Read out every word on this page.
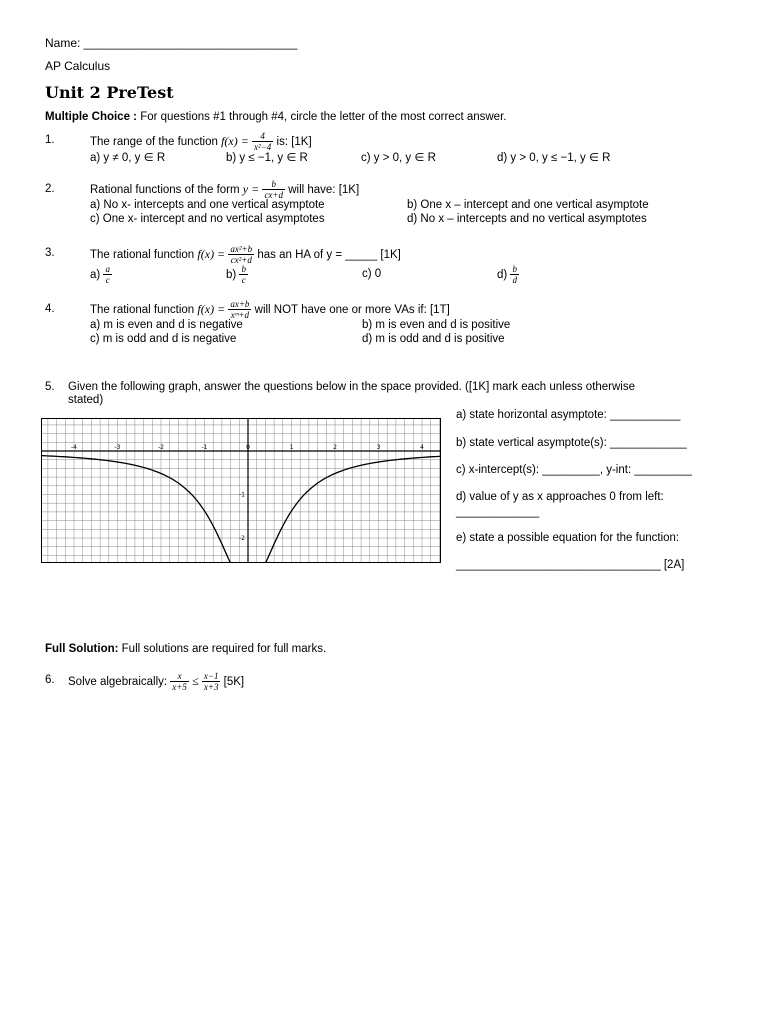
Name: ________________________________
AP Calculus
Unit 2 PreTest
Multiple Choice : For questions #1 through #4, circle the letter of the most correct answer.
1.	The range of the function $f(x) = \frac{4}{\text{x²−4}}$ is: [1K]
a) y ≠ 0, y ∈ R	b) y ≤ −1, y ∈ R	c) y > 0, y ∈ R	d) y > 0, y ≤ −1, y ∈ R
2.	Rational functions of the form $y = \frac{b}{cx+d}$ will have: [1K]
a) No x- intercepts and one vertical asymptote	b) One x – intercept and one vertical asymptote
c) One x- intercept and no vertical asymptotes	d) No x – intercepts and no vertical asymptotes
3.	The rational function $f(x) = \frac{\text{ax²+b}}{\text{cx²+d}}$ has an HA of y = _____ [1K]
$a) \frac{a}{c}$	$b) \frac{b}{c}$	c) 0	$d) \frac{b}{d}$
4.	The rational function $f(x) = \frac{ax+b}{\text{xᵐ+d}}$ will NOT have one or more VAs if: [1T]
a) m is even and d is negative	b) m is even and d is positive
c) m is odd and d is negative	d) m is odd and d is positive
5. Given the following graph, answer the questions below in the space provided. ([1K] mark each unless otherwise
stated)
-4	-3	-2	-1	0	1	2	3	4
-1
-2
a) state horizontal asymptote: ___________
b) state vertical asymptote(s): ____________
c) x-intercept(s): _________, y-int: _________
d) value of y as x approaches 0 from left:
_____________
e) state a possible equation for the function:
________________________________ [2A]
Full Solution: Full solutions are required for full marks.
6. Solve algebraically: $\frac{x}{x+5} \le \frac{x-1}{x+3} [5K]$
